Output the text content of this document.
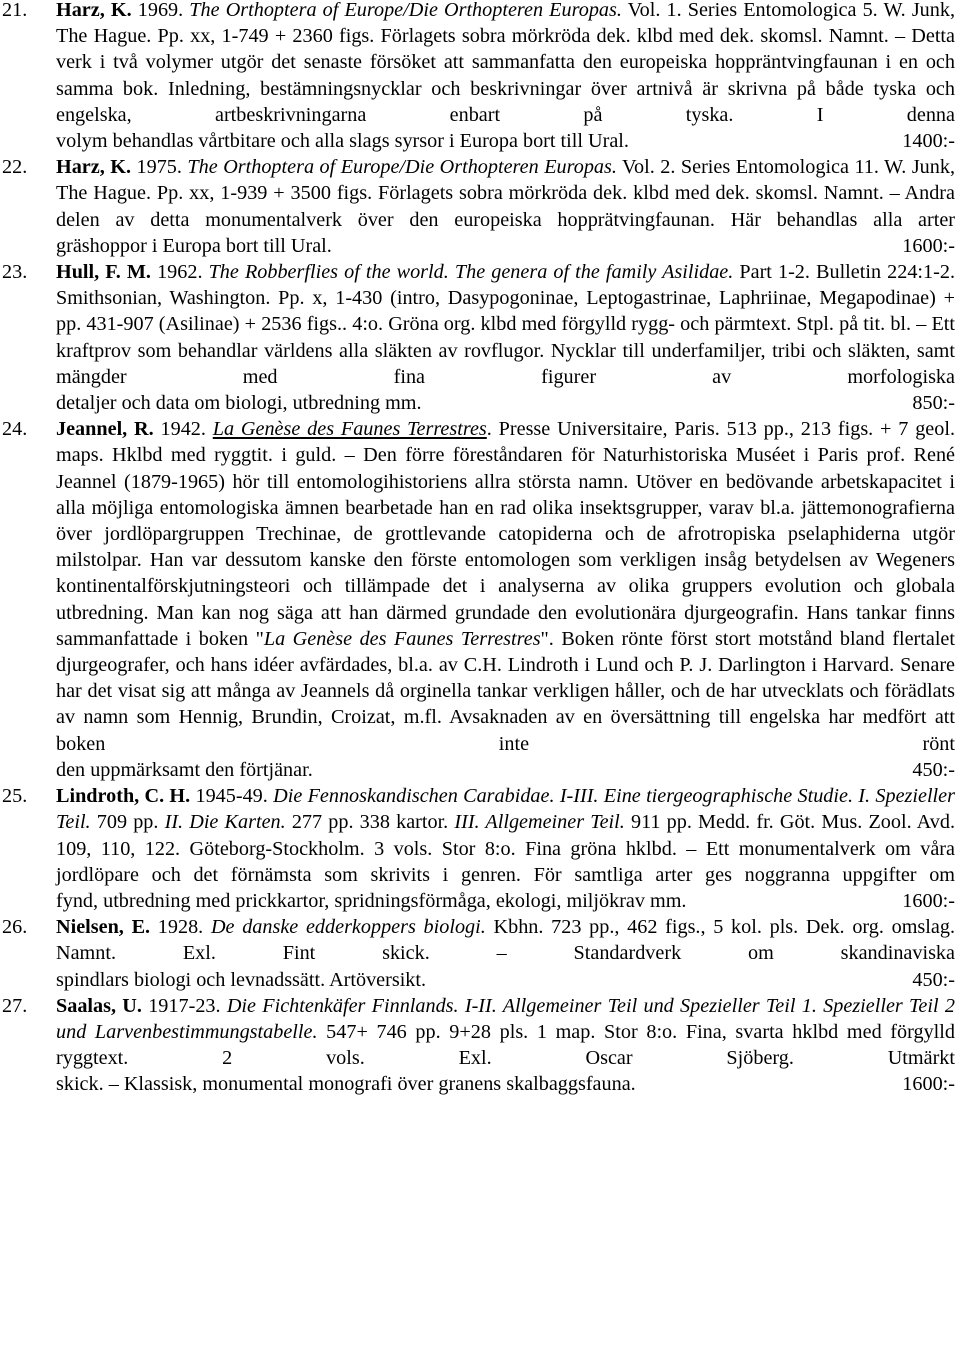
21. Harz, K. 1969. The Orthoptera of Europe/Die Orthopteren Europas. Vol. 1. Series Entomologica 5. W. Junk, The Hague. Pp. xx, 1-749 + 2360 figs. Förlagets sobra mörkröda dek. klbd med dek. skomsl. Namnt. – Detta verk i två volymer utgör det senaste försöket att sammanfatta den europeiska hoppräntvingfaunan i en och samma bok. Inledning, bestämningsnycklar och beskrivningar över artnivå är skrivna på både tyska och engelska, artbeskrivningarna enbart på tyska. I denna
volym behandlas vårtbitare och alla slags syrsor i Europa bort till Ural.	1400:-
22. Harz, K. 1975. The Orthoptera of Europe/Die Orthopteren Europas. Vol. 2. Series Entomologica 11. W. Junk, The Hague. Pp. xx, 1-939 + 3500 figs. Förlagets sobra mörkröda dek. klbd med dek. skomsl. Namnt. – Andra delen av detta monumentalverk över den europeiska hopprätvingfaunan. Här behandlas alla arter
gräshoppor i Europa bort till Ural.	1600:-
23. Hull, F. M. 1962. The Robberflies of the world. The genera of the family Asilidae. Part 1-2. Bulletin 224:1-2. Smithsonian, Washington. Pp. x, 1-430 (intro, Dasypogoninae, Leptogastrinae, Laphriinae, Megapodinae) + pp. 431-907 (Asilinae) + 2536 figs.. 4:o. Gröna org. klbd med förgylld rygg- och pärmtext. Stpl. på tit. bl. – Ett kraftprov som behandlar världens alla släkten av rovflugor. Nycklar till underfamiljer, tribi och släkten, samt mängder med fina figurer av morfologiska
detaljer och data om biologi, utbredning mm.	850:-
24. Jeannel, R. 1942. La Genèse des Faunes Terrestres. Presse Universitaire, Paris. 513 pp., 213 figs. + 7 geol. maps. Hklbd med ryggtit. i guld. – Den förre föreståndaren för Naturhistoriska Muséet i Paris prof. René Jeannel (1879-1965) hör till entomologihistoriens allra största namn. Utöver en bedövande arbetskapacitet i alla möjliga entomologiska ämnen bearbetade han en rad olika insektsgrupper, varav bl.a. jättemonografierna över jordlöpargruppen Trechinae, de grottlevande catopiderna och de afrotropiska pselaphiderna utgör milstolpar. Han var dessutom kanske den förste entomologen som verkligen insåg betydelsen av Wegeners kontinentalförskjutningsteori och tillämpade det i analyserna av olika gruppers evolution och globala utbredning. Man kan nog säga att han därmed grundade den evolutionära djurgeografin. Hans tankar finns sammanfattade i boken "La Genèse des Faunes Terrestres". Boken rönte först stort motstånd bland flertalet djurgeografer, och hans idéer avfärdades, bl.a. av C.H. Lindroth i Lund och P. J. Darlington i Harvard. Senare har det visat sig att många av Jeannels då orginella tankar verkligen håller, och de har utvecklats och förädlats av namn som Hennig, Brundin, Croizat, m.fl. Avsaknaden av en översättning till engelska har medfört att boken inte rönt
den uppmärksamt den förtjänar.	450:-
25. Lindroth, C. H. 1945-49. Die Fennoskandischen Carabidae. I-III. Eine tiergeographische Studie. I. Spezieller Teil. 709 pp. II. Die Karten. 277 pp. 338 kartor. III. Allgemeiner Teil. 911 pp. Medd. fr. Göt. Mus. Zool. Avd. 109, 110, 122. Göteborg-Stockholm. 3 vols. Stor 8:o. Fina gröna hklbd. – Ett monumentalverk om våra jordlöpare och det förnämsta som skrivits i genren. För samtliga arter ges noggranna uppgifter om
fynd, utbredning med prickkartor, spridningsförmåga, ekologi, miljökrav mm.	1600:-
26. Nielsen, E. 1928. De danske edderkoppers biologi. Kbhn. 723 pp., 462 figs., 5 kol. pls. Dek. org. omslag. Namnt. Exl. Fint skick. – Standardverk om skandinaviska
spindlars biologi och levnadssätt. Artöversikt.	450:-
27. Saalas, U. 1917-23. Die Fichtenkäfer Finnlands. I-II. Allgemeiner Teil und Spezieller Teil 1. Spezieller Teil 2 und Larvenbestimmungstabelle. 547+ 746 pp. 9+28 pls. 1 map. Stor 8:o. Fina, svarta hklbd med förgylld ryggtext. 2 vols. Exl. Oscar Sjöberg. Utmärkt
skick. – Klassisk, monumental monografi över granens skalbaggsfauna.	1600:-
